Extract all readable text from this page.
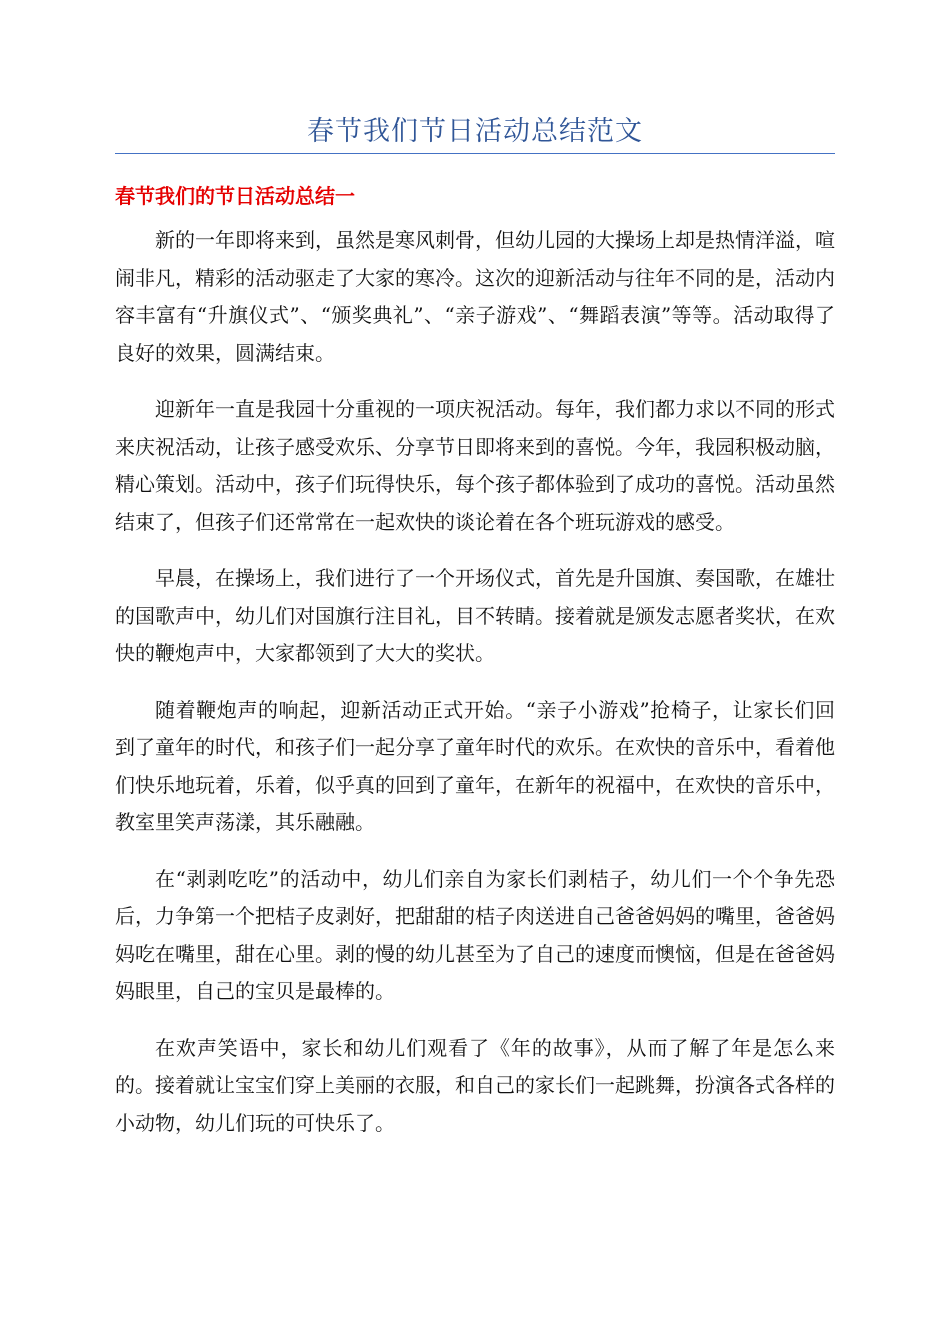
春节我们节日活动总结范文
春节我们的节日活动总结一

新的一年即将来到，虽然是寒风刺骨，但幼儿园的大操场上却是热情洋溢，喧闹非凡，精彩的活动驱走了大家的寒冷。这次的迎新活动与往年不同的是，活动内容丰富有“升旗仪式”、“颁奖典礼”、“亲子游戏”、“舞蹈表演”等等。活动取得了良好的效果，圆满结束。

迎新年一直是我园十分重视的一项庆祝活动。每年，我们都力求以不同的形式来庆祝活动，让孩子感受欢乐、分享节日即将来到的喜悦。今年，我园积极动脑，精心策划。活动中，孩子们玩得快乐，每个孩子都体验到了成功的喜悦。活动虽然结束了，但孩子们还常常在一起欢快的谈论着在各个班玩游戏的感受。

早晨，在操场上，我们进行了一个开场仪式，首先是升国旗、奏国歌，在雄壮的国歌声中，幼儿们对国旗行注目礼，目不转睛。接着就是颁发志愿者奖状，在欢快的鞭炮声中，大家都领到了大大的奖状。

随着鞭炮声的响起，迎新活动正式开始。“亲子小游戏”抢椅子，让家长们回到了童年的时代，和孩子们一起分享了童年时代的欢乐。在欢快的音乐中，看着他们快乐地玩着，乐着，似乎真的回到了童年，在新年的祝福中，在欢快的音乐中，教室里笑声荡漾，其乐融融。

在“剥剥吃吃”的活动中，幼儿们亲自为家长们剥桔子，幼儿们一个个争先恐后，力争第一个把桔子皮剥好，把甜甜的桔子肉送进自己爸爸妈妈的嘴里，爸爸妈妈吃在嘴里，甜在心里。剥的慢的幼儿甚至为了自己的速度而懊恼，但是在爸爸妈妈眼里，自己的宝贝是最棒的。

在欢声笑语中，家长和幼儿们观看了《年的故事》，从而了解了年是怎么来的。接着就让宝宝们穿上美丽的衣服，和自己的家长们一起跳舞，扮演各式各样的小动物，幼儿们玩的可快乐了。
